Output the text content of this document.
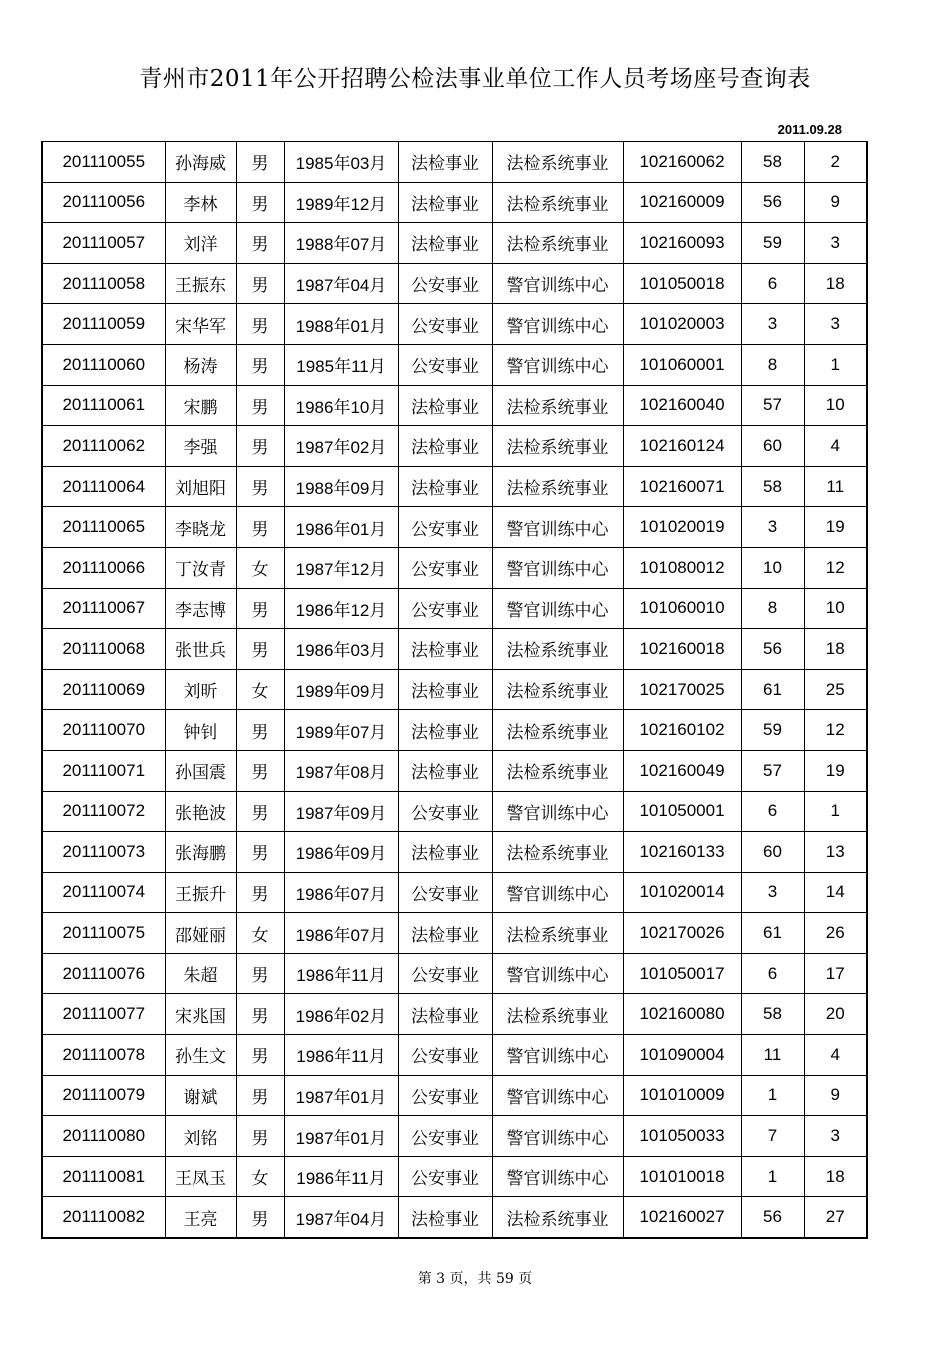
青州市2011年公开招聘公检法事业单位工作人员考场座号查询表
2011.09.28
201110055	孙海威	男	1985年03月	法检事业	法检系统事业	102160062	58	2
201110056	李林	男	1989年12月	法检事业	法检系统事业	102160009	56	9
201110057	刘洋	男	1988年07月	法检事业	法检系统事业	102160093	59	3
201110058	王振东	男	1987年04月	公安事业	警官训练中心	101050018	6	18
201110059	宋华军	男	1988年01月	公安事业	警官训练中心	101020003	3	3
201110060	杨涛	男	1985年11月	公安事业	警官训练中心	101060001	8	1
201110061	宋鹏	男	1986年10月	法检事业	法检系统事业	102160040	57	10
201110062	李强	男	1987年02月	法检事业	法检系统事业	102160124	60	4
201110064	刘旭阳	男	1988年09月	法检事业	法检系统事业	102160071	58	11
201110065	李晓龙	男	1986年01月	公安事业	警官训练中心	101020019	3	19
201110066	丁汝青	女	1987年12月	公安事业	警官训练中心	101080012	10	12
201110067	李志博	男	1986年12月	公安事业	警官训练中心	101060010	8	10
201110068	张世兵	男	1986年03月	法检事业	法检系统事业	102160018	56	18
201110069	刘昕	女	1989年09月	法检事业	法检系统事业	102170025	61	25
201110070	钟钊	男	1989年07月	法检事业	法检系统事业	102160102	59	12
201110071	孙国震	男	1987年08月	法检事业	法检系统事业	102160049	57	19
201110072	张艳波	男	1987年09月	公安事业	警官训练中心	101050001	6	1
201110073	张海鹏	男	1986年09月	法检事业	法检系统事业	102160133	60	13
201110074	王振升	男	1986年07月	公安事业	警官训练中心	101020014	3	14
201110075	邵娅丽	女	1986年07月	法检事业	法检系统事业	102170026	61	26
201110076	朱超	男	1986年11月	公安事业	警官训练中心	101050017	6	17
201110077	宋兆国	男	1986年02月	法检事业	法检系统事业	102160080	58	20
201110078	孙生文	男	1986年11月	公安事业	警官训练中心	101090004	11	4
201110079	谢斌	男	1987年01月	公安事业	警官训练中心	101010009	1	9
201110080	刘铭	男	1987年01月	公安事业	警官训练中心	101050033	7	3
201110081	王凤玉	女	1986年11月	公安事业	警官训练中心	101010018	1	18
201110082	王亮	男	1987年04月	法检事业	法检系统事业	102160027	56	27
第 3 页，共 59 页
